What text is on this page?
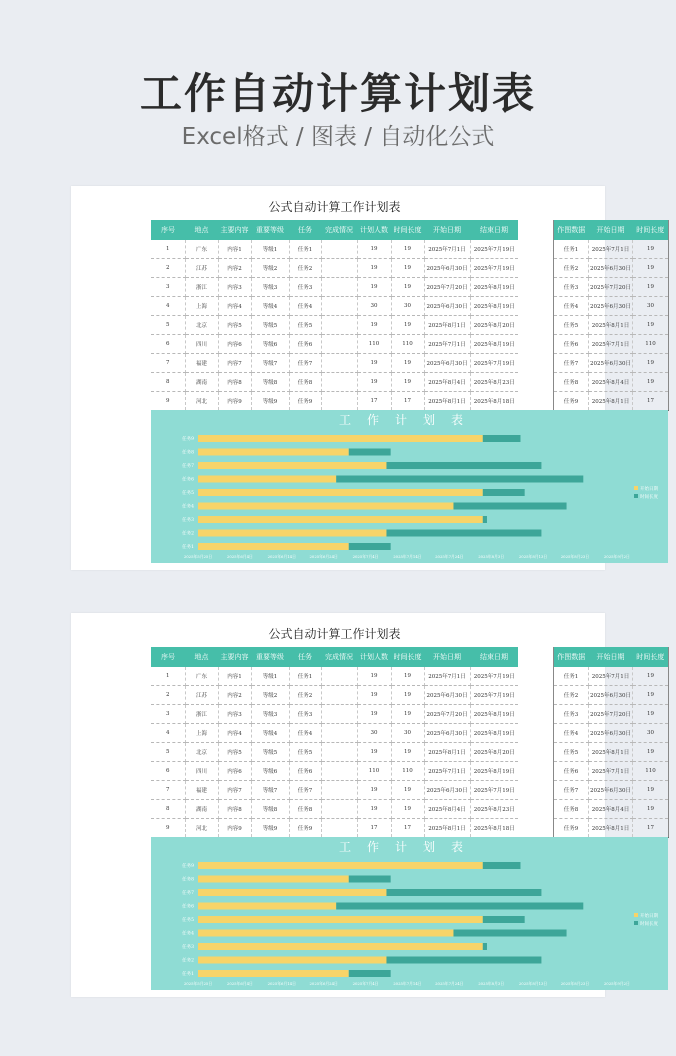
工作自动计算计划表
Excel格式 / 图表 / 自动化公式
公式自动计算工作计划表
序号	地点	主要内容	重要等级	任务	完成情况	计划人数	时间长度	开始日期	结束日期
1	广东	内容1	等级1	任务1		19	19	2025年7月1日	2025年7月19日
2	江苏	内容2	等级2	任务2		19	19	2025年6月30日	2025年7月19日
3	浙江	内容3	等级3	任务3		19	19	2025年7月20日	2025年8月19日
4	上海	内容4	等级4	任务4		30	30	2025年6月30日	2025年8月19日
5	北京	内容5	等级5	任务5		19	19	2025年8月1日	2025年8月20日
6	四川	内容6	等级6	任务6		110	110	2025年7月1日	2025年8月19日
7	福建	内容7	等级7	任务7		19	19	2025年6月30日	2025年7月19日
8	湖南	内容8	等级8	任务8		19	19	2025年8月4日	2025年8月23日
9	河北	内容9	等级9	任务9		17	17	2025年8月1日	2025年8月18日
作图数据	开始日期	时间长度
任务1	2025年7月1日	19
任务2	2025年6月30日	19
任务3	2025年7月20日	19
任务4	2025年6月30日	30
任务5	2025年8月1日	19
任务6	2025年7月1日	110
任务7	2025年6月30日	19
任务8	2025年8月4日	19
任务9	2025年8月1日	17
工作计划表
任务9
任务8
任务7
任务6
任务5
任务4
任务3
任务2
任务1
2025年5月25日	2025年6月4日	2025年6月14日	2025年6月24日	2025年7月4日	2025年7月14日	2025年7月24日	2025年8月3日	2025年8月13日	2025年8月23日	2025年9月2日
开始日期
时间长度
公式自动计算工作计划表
序号	地点	主要内容	重要等级	任务	完成情况	计划人数	时间长度	开始日期	结束日期
1	广东	内容1	等级1	任务1		19	19	2025年7月1日	2025年7月19日
2	江苏	内容2	等级2	任务2		19	19	2025年6月30日	2025年7月19日
3	浙江	内容3	等级3	任务3		19	19	2025年7月20日	2025年8月19日
4	上海	内容4	等级4	任务4		30	30	2025年6月30日	2025年8月19日
5	北京	内容5	等级5	任务5		19	19	2025年8月1日	2025年8月20日
6	四川	内容6	等级6	任务6		110	110	2025年7月1日	2025年8月19日
7	福建	内容7	等级7	任务7		19	19	2025年6月30日	2025年7月19日
8	湖南	内容8	等级8	任务8		19	19	2025年8月4日	2025年8月23日
9	河北	内容9	等级9	任务9		17	17	2025年8月1日	2025年8月18日
作图数据	开始日期	时间长度
任务1	2025年7月1日	19
任务2	2025年6月30日	19
任务3	2025年7月20日	19
任务4	2025年6月30日	30
任务5	2025年8月1日	19
任务6	2025年7月1日	110
任务7	2025年6月30日	19
任务8	2025年8月4日	19
任务9	2025年8月1日	17
工作计划表
任务9
任务8
任务7
任务6
任务5
任务4
任务3
任务2
任务1
2025年5月25日	2025年6月4日	2025年6月14日	2025年6月24日	2025年7月4日	2025年7月14日	2025年7月24日	2025年8月3日	2025年8月13日	2025年8月23日	2025年9月2日
开始日期
时间长度
